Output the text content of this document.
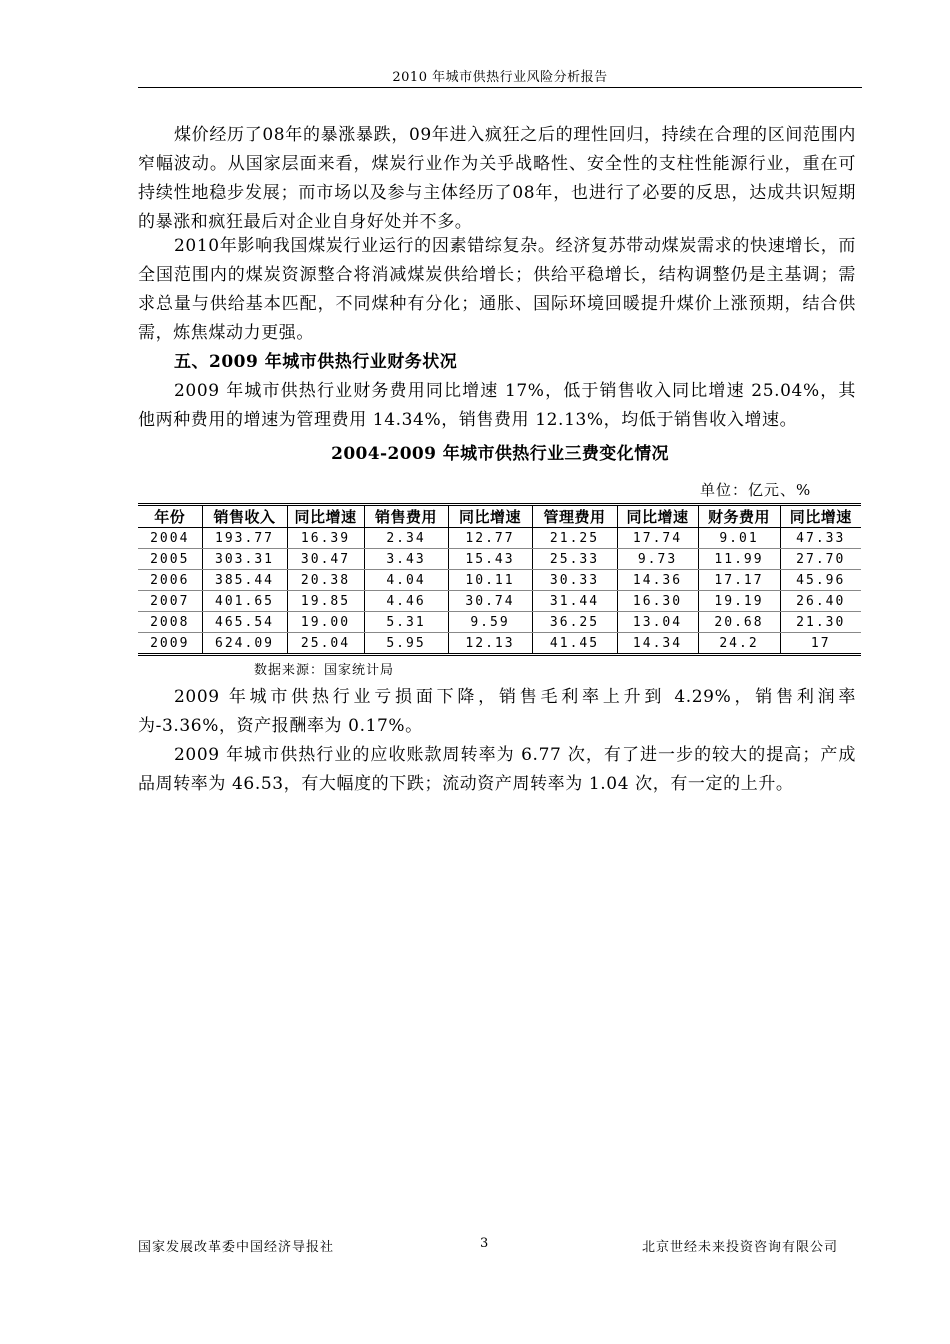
2010 年城市供热行业风险分析报告

煤价经历了08年的暴涨暴跌，09年进入疯狂之后的理性回归，持续在合理的区间范围内窄幅波动。从国家层面来看，煤炭行业作为关乎战略性、安全性的支柱性能源行业，重在可持续性地稳步发展；而市场以及参与主体经历了08年，也进行了必要的反思，达成共识短期的暴涨和疯狂最后对企业自身好处并不多。

2010年影响我国煤炭行业运行的因素错综复杂。经济复苏带动煤炭需求的快速增长，而全国范围内的煤炭资源整合将消减煤炭供给增长；供给平稳增长，结构调整仍是主基调；需求总量与供给基本匹配，不同煤种有分化；通胀、国际环境回暖提升煤价上涨预期，结合供需，炼焦煤动力更强。

五、2009 年城市供热行业财务状况

2009 年城市供热行业财务费用同比增速 17%，低于销售收入同比增速 25.04%，其他两种费用的增速为管理费用 14.34%，销售费用 12.13%，均低于销售收入增速。

2004-2009 年城市供热行业三费变化情况
单位：亿元、%
年份	销售收入	同比增速	销售费用	同比增速	管理费用	同比增速	财务费用	同比增速
2004	193.77	16.39	2.34	12.77	21.25	17.74	9.01	47.33
2005	303.31	30.47	3.43	15.43	25.33	9.73	11.99	27.70
2006	385.44	20.38	4.04	10.11	30.33	14.36	17.17	45.96
2007	401.65	19.85	4.46	30.74	31.44	16.30	19.19	26.40
2008	465.54	19.00	5.31	9.59	36.25	13.04	20.68	21.30
2009	624.09	25.04	5.95	12.13	41.45	14.34	24.2	17
数据来源：国家统计局

2009 年城市供热行业亏损面下降，销售毛利率上升到 4.29%，销售利润率为-3.36%，资产报酬率为 0.17%。

2009 年城市供热行业的应收账款周转率为 6.77 次，有了进一步的较大的提高；产成品周转率为 46.53，有大幅度的下跌；流动资产周转率为 1.04 次，有一定的上升。

国家发展改革委中国经济导报社	3	北京世经未来投资咨询有限公司
